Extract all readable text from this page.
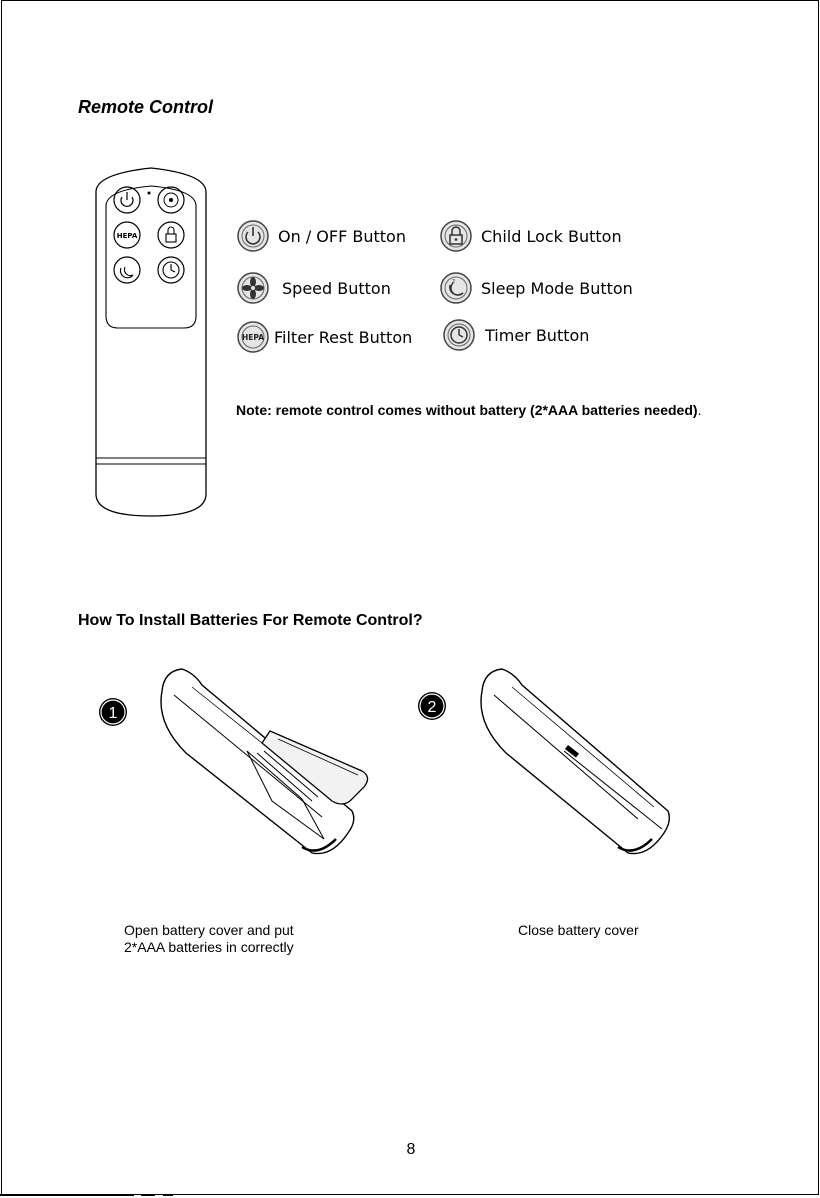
Remote Control
HEPA	On / OFF Button	Child Lock Button
Speed Button	z Sleep Mode Button
HEPA Filter Rest Button	Timer Button
Note: remote control comes without battery (2*AAA batteries needed).
How To Install Batteries For Remote Control?
1
Open battery cover and put
2*AAA batteries in correctly
2
Close battery cover
8
